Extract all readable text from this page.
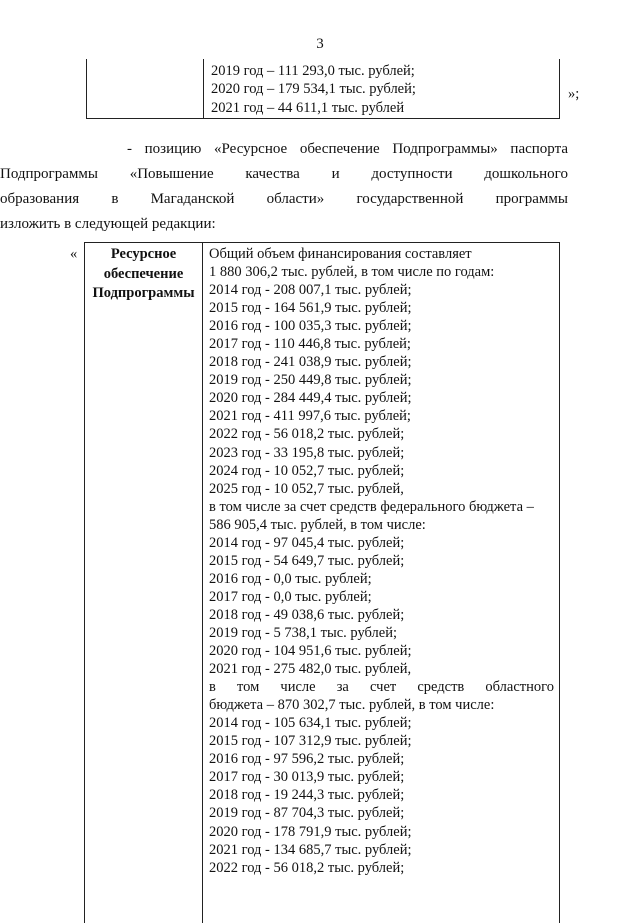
3
2019 год – 111 293,0 тыс. рублей;
2020 год – 179 534,1 тыс. рублей;
2021 год – 44 611,1 тыс. рублей
»;
- позицию «Ресурсное обеспечение Подпрограммы» паспорта
Подпрограммы «Повышение качества и доступности дошкольного
образования в Магаданской области» государственной программы
изложить в следующей редакции:
«	Ресурсное
обеспечение
Подпрограммы
Общий объем финансирования составляет
1 880 306,2 тыс. рублей, в том числе по годам:
2014 год - 208 007,1 тыс. рублей;
2015 год - 164 561,9 тыс. рублей;
2016 год - 100 035,3 тыс. рублей;
2017 год - 110 446,8 тыс. рублей;
2018 год - 241 038,9 тыс. рублей;
2019 год - 250 449,8 тыс. рублей;
2020 год - 284 449,4 тыс. рублей;
2021 год - 411 997,6 тыс. рублей;
2022 год - 56 018,2 тыс. рублей;
2023 год - 33 195,8 тыс. рублей;
2024 год - 10 052,7 тыс. рублей;
2025 год - 10 052,7 тыс. рублей,
в том числе за счет средств федерального бюджета –
586 905,4 тыс. рублей, в том числе:
2014 год - 97 045,4 тыс. рублей;
2015 год - 54 649,7 тыс. рублей;
2016 год - 0,0 тыс. рублей;
2017 год - 0,0 тыс. рублей;
2018 год - 49 038,6 тыс. рублей;
2019 год - 5 738,1 тыс. рублей;
2020 год - 104 951,6 тыс. рублей;
2021 год - 275 482,0 тыс. рублей,
в том числе за счет средств областного
бюджета – 870 302,7 тыс. рублей, в том числе:
2014 год - 105 634,1 тыс. рублей;
2015 год - 107 312,9 тыс. рублей;
2016 год - 97 596,2 тыс. рублей;
2017 год - 30 013,9 тыс. рублей;
2018 год - 19 244,3 тыс. рублей;
2019 год - 87 704,3 тыс. рублей;
2020 год - 178 791,9 тыс. рублей;
2021 год - 134 685,7 тыс. рублей;
2022 год - 56 018,2 тыс. рублей;
